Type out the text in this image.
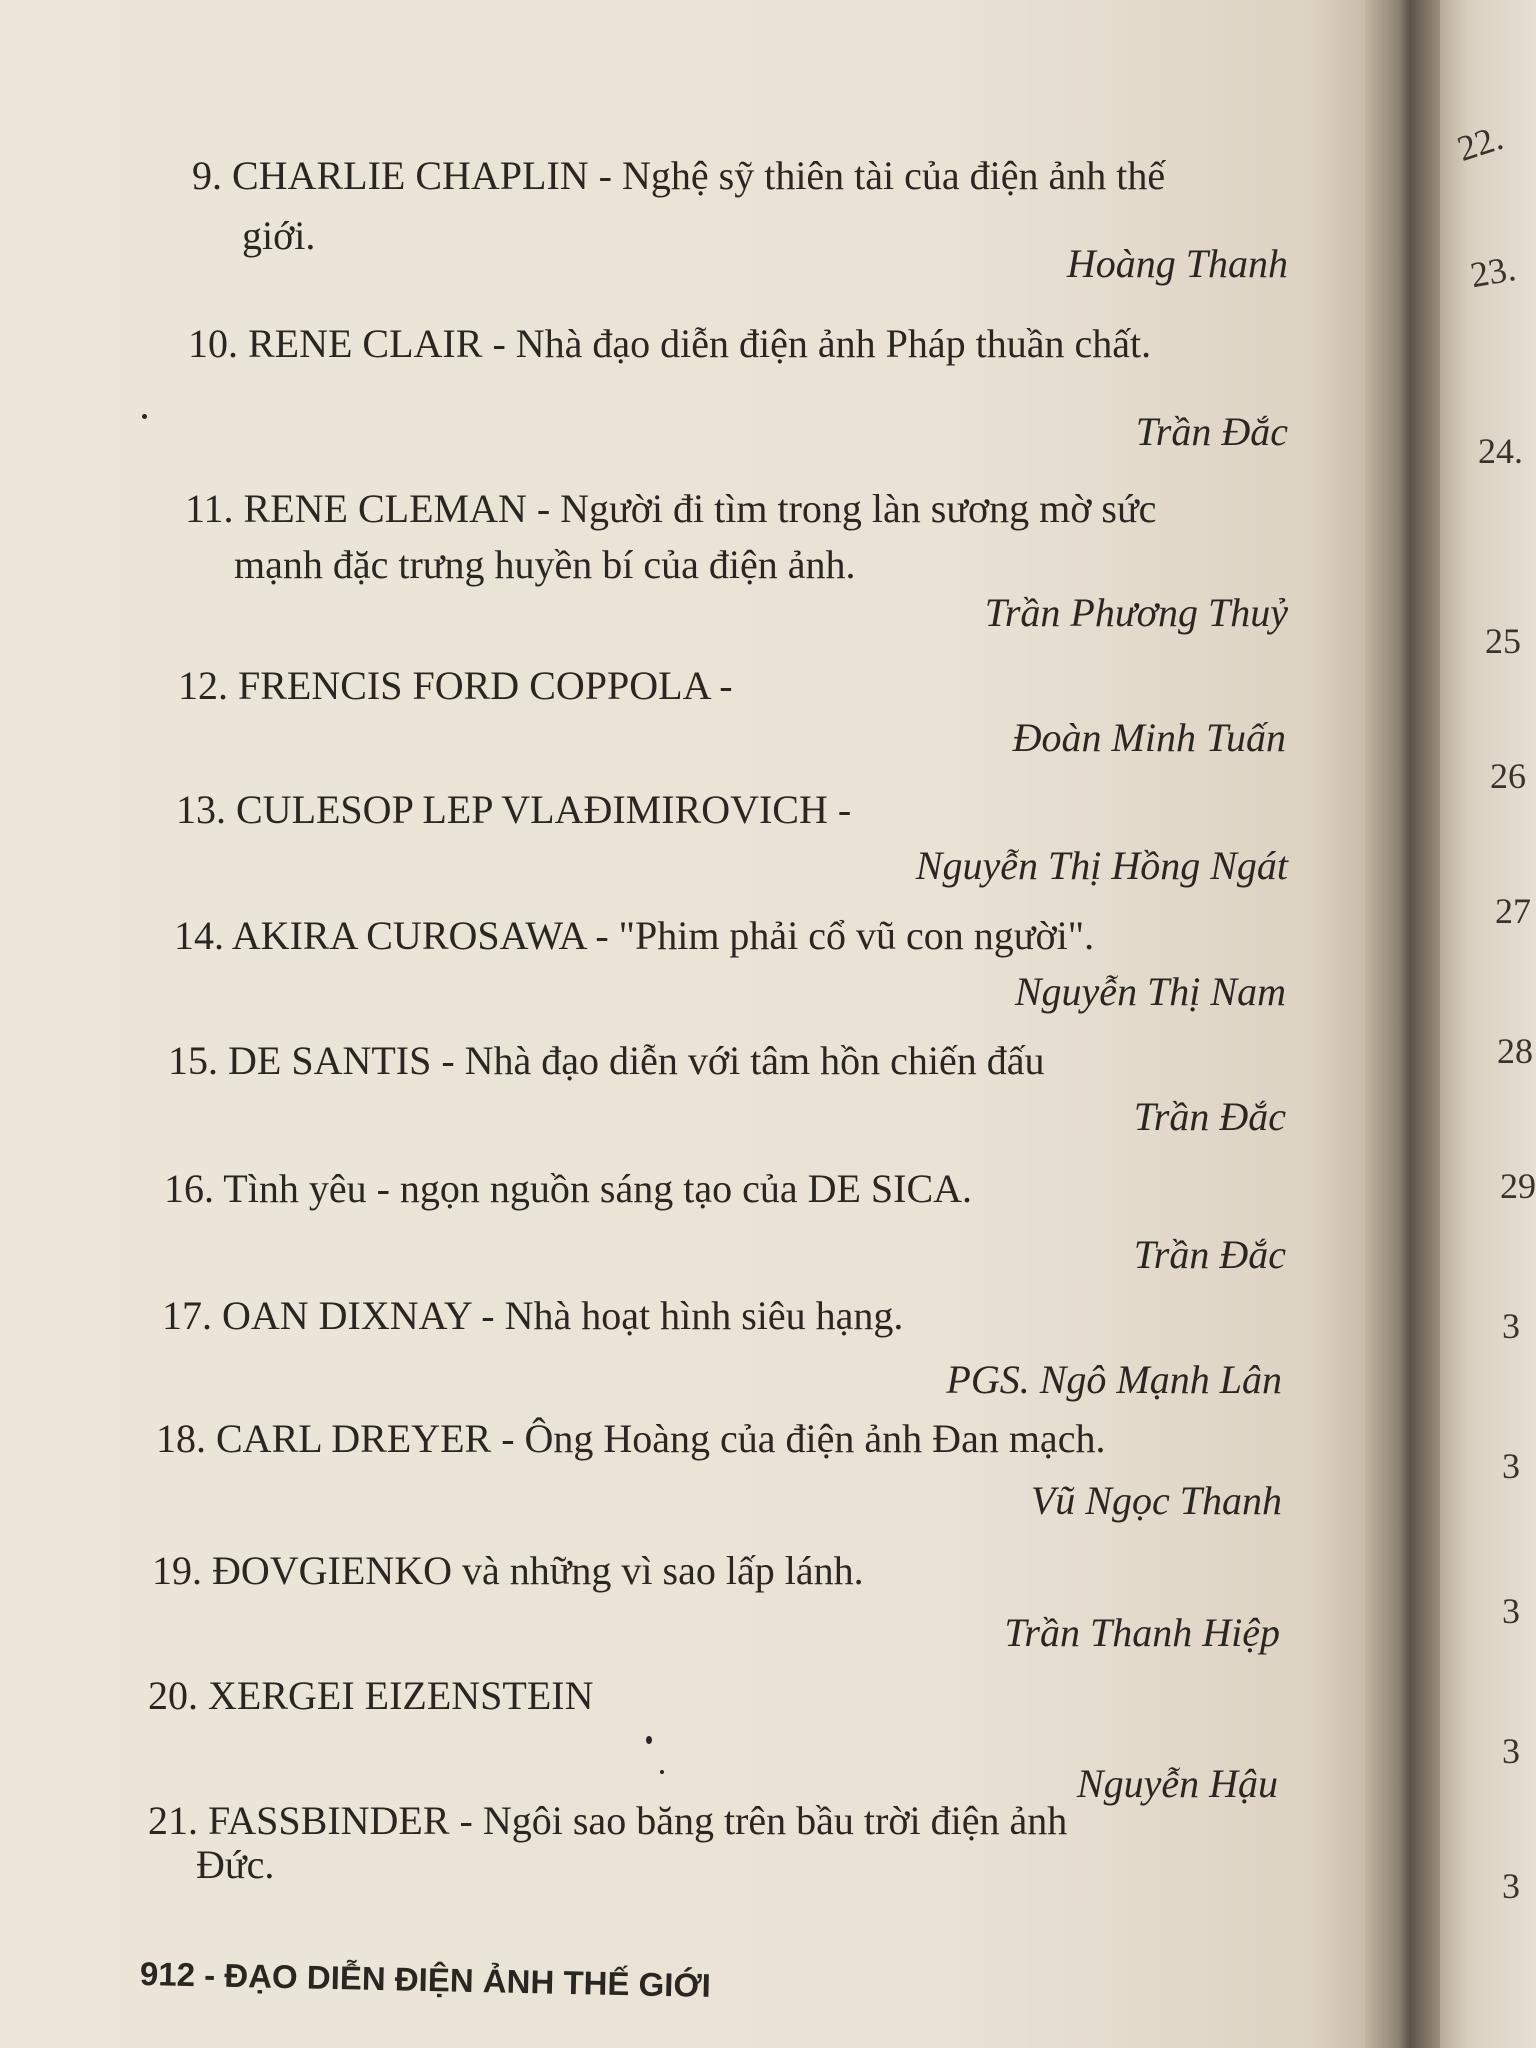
22.
23.
24.
25
26
27
28
29
3
3
3
3
3
9. CHARLIE CHAPLIN - Nghệ sỹ thiên tài của điện ảnh thế
giới.
Hoàng Thanh
10. RENE CLAIR - Nhà đạo diễn điện ảnh Pháp thuần chất.
Trần Đắc
11. RENE CLEMAN - Người đi tìm trong làn sương mờ sức
mạnh đặc trưng huyền bí của điện ảnh.
Trần Phương Thuỷ
12. FRENCIS FORD COPPOLA -
Đoàn Minh Tuấn
13. CULESOP LEP VLAĐIMIROVICH -
Nguyễn Thị Hồng Ngát
14. AKIRA CUROSAWA - "Phim phải cổ vũ con người".
Nguyễn Thị Nam
15. DE SANTIS - Nhà đạo diễn với tâm hồn chiến đấu
Trần Đắc
16. Tình yêu - ngọn nguồn sáng tạo của DE SICA.
Trần Đắc
17. OAN DIXNAY - Nhà hoạt hình siêu hạng.
PGS. Ngô Mạnh Lân
18. CARL DREYER - Ông Hoàng của điện ảnh Đan mạch.
Vũ Ngọc Thanh
19. ĐOVGIENKO và những vì sao lấp lánh.
Trần Thanh Hiệp
20. XERGEI EIZENSTEIN
Nguyễn Hậu
21. FASSBINDER - Ngôi sao băng trên bầu trời điện ảnh
Đức.
912 - ĐẠO DIỄN ĐIỆN ẢNH THẾ GIỚI
